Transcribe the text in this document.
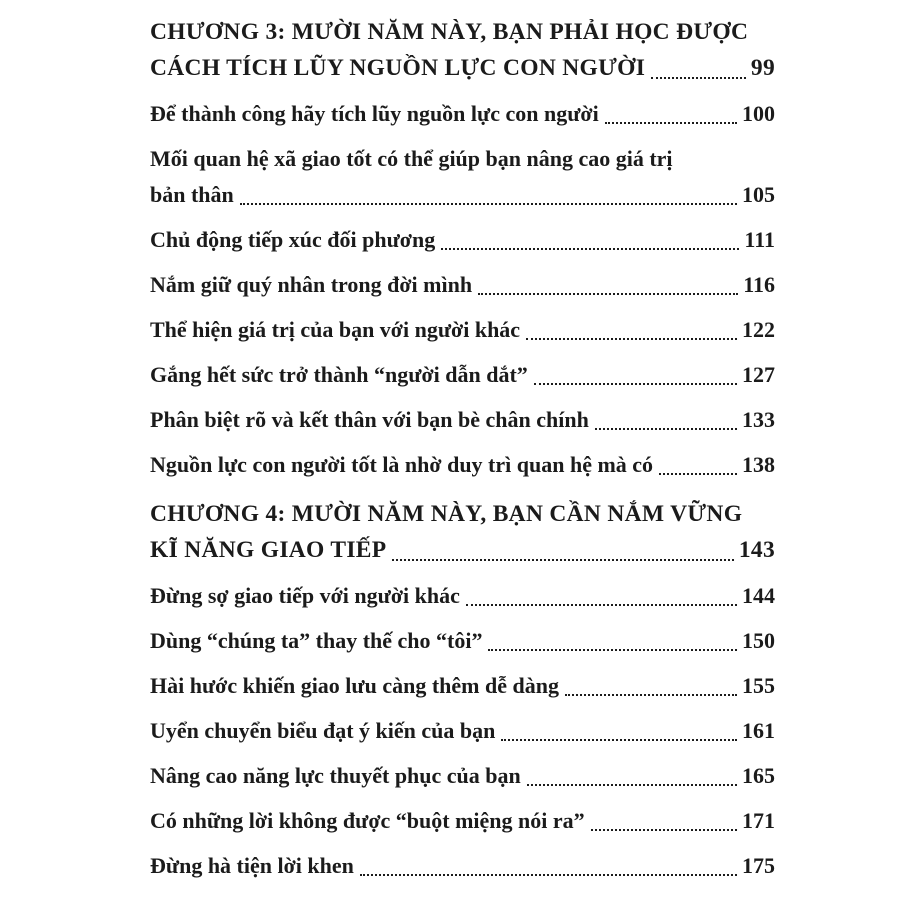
CHƯƠNG 3: MƯỜI NĂM NÀY, BẠN PHẢI HỌC ĐƯỢC
CÁCH TÍCH LŨY NGUỒN LỰC CON NGƯỜI	99
Để thành công hãy tích lũy nguồn lực con người	100
Mối quan hệ xã giao tốt có thể giúp bạn nâng cao giá trị
bản thân	105
Chủ động tiếp xúc đối phương	111
Nắm giữ quý nhân trong đời mình	116
Thể hiện giá trị của bạn với người khác	122
Gắng hết sức trở thành “người dẫn dắt”	127
Phân biệt rõ và kết thân với bạn bè chân chính	133
Nguồn lực con người tốt là nhờ duy trì quan hệ mà có	138
CHƯƠNG 4: MƯỜI NĂM NÀY, BẠN CẦN NẮM VỮNG
KĨ NĂNG GIAO TIẾP	143
Đừng sợ giao tiếp với người khác	144
Dùng “chúng ta” thay thế cho “tôi”	150
Hài hước khiến giao lưu càng thêm dễ dàng	155
Uyển chuyển biểu đạt ý kiến của bạn	161
Nâng cao năng lực thuyết phục của bạn	165
Có những lời không được “buột miệng nói ra”	171
Đừng hà tiện lời khen	175
